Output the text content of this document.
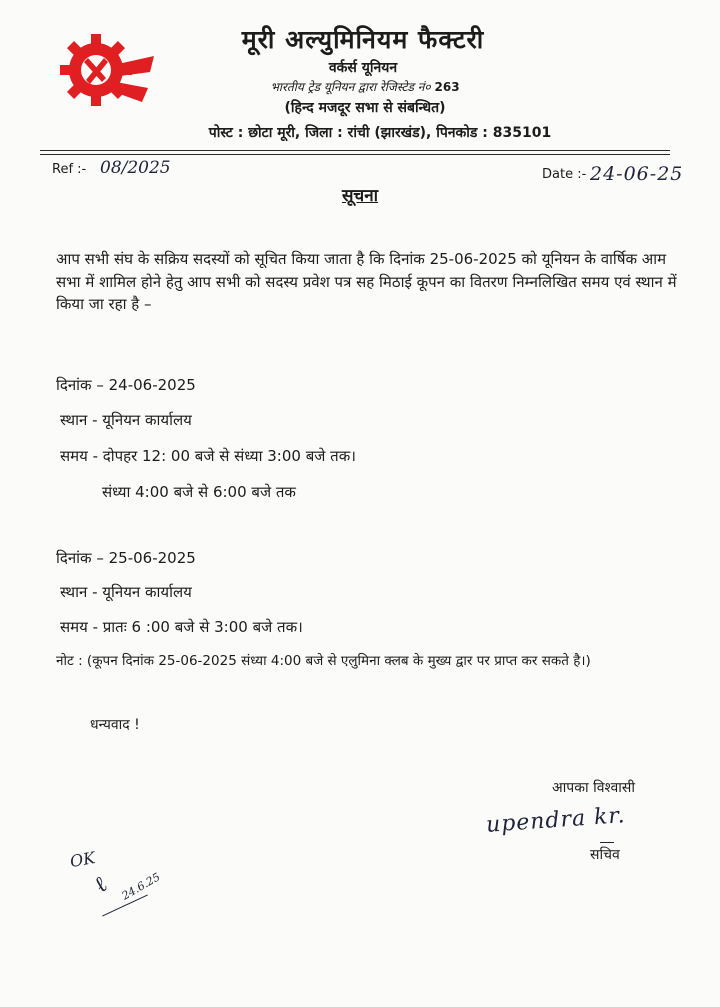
मूरी अल्युमिनियम फैक्टरी
वर्कर्स यूनियन
भारतीय ट्रेड यूनियन द्वारा रेजिस्टेड नं० 263
(हिन्द मजदूर सभा से संबन्धित)
पोस्ट : छोटा मूरी, जिला : रांची (झारखंड), पिनकोड : 835101
Ref :- 08/2025	Date :- 24-06-25
सूचना
आप सभी संघ के सक्रिय सदस्यों को सूचित किया जाता है कि दिनांक 25-06-2025 को यूनियन के वार्षिक आम सभा में शामिल होने हेतु आप सभी को सदस्य प्रवेश पत्र सह मिठाई कूपन का वितरण निम्नलिखित समय एवं स्थान में किया जा रहा है –
दिनांक – 24-06-2025
स्थान - यूनियन कार्यालय
समय - दोपहर 12: 00 बजे से संध्या 3:00 बजे तक।
संध्या 4:00 बजे से 6:00 बजे तक
दिनांक – 25-06-2025
स्थान - यूनियन कार्यालय
समय - प्रातः 6 :00 बजे से 3:00 बजे तक।
नोट : (कूपन दिनांक 25-06-2025 संध्या 4:00 बजे से एलुमिना क्लब के मुख्य द्वार पर प्राप्त कर सकते है।)
धन्यवाद !
आपका विश्वासी
upendra kr.
सचिव
OK
ℓ 24.6.25
